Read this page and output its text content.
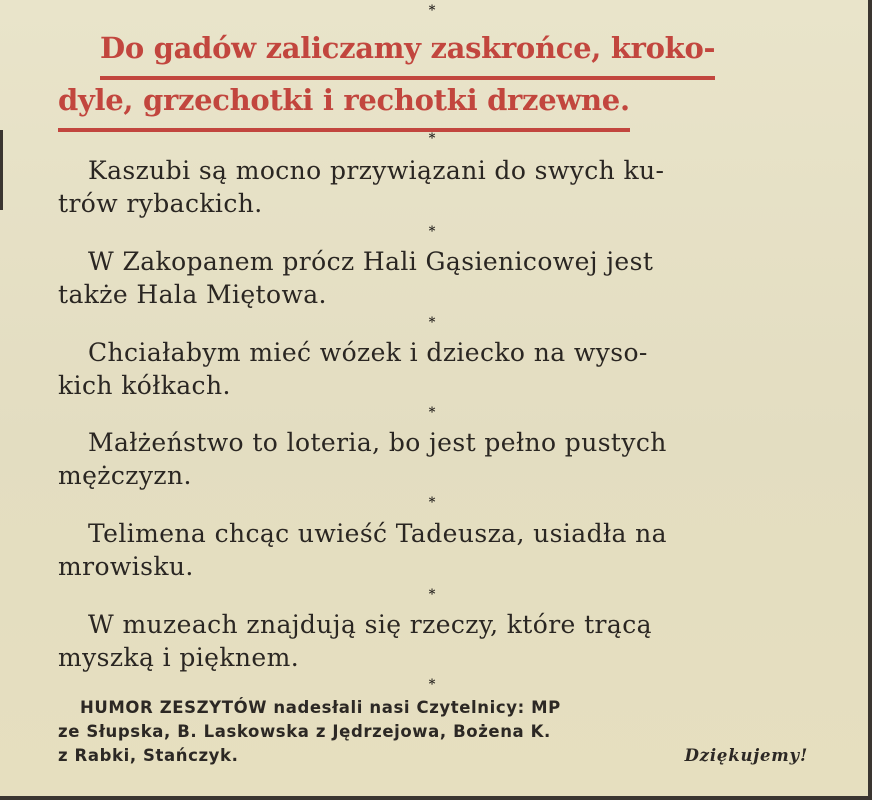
*
Do gadów zaliczamy zaskrońce, kroko-
dyle, grzechotki i rechotki drzewne.
*
Kaszubi są mocno przywiązani do swych ku-
trów rybackich.
*
W Zakopanem prócz Hali Gąsienicowej jest
także Hala Miętowa.
*
Chciałabym mieć wózek i dziecko na wyso-
kich kółkach.
*
Małżeństwo to loteria, bo jest pełno pustych
mężczyzn.
*
Telimena chcąc uwieść Tadeusza, usiadła na
mrowisku.
*
W muzeach znajdują się rzeczy, które trącą
myszką i pięknem.
*
HUMOR ZESZYTÓW nadesłali nasi Czytelnicy: MP
ze Słupska, B. Laskowska z Jędrzejowa, Bożena K.
z Rabki, Stańczyk.	Dziękujemy!
